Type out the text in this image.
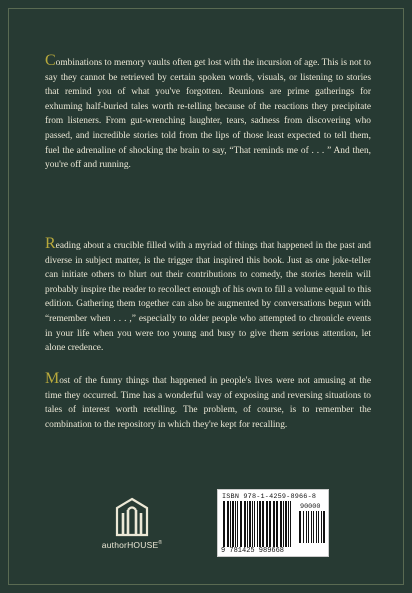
Combinations to memory vaults often get lost with the incursion of age. This is not to say they cannot be retrieved by certain spoken words, visuals, or listening to stories that remind you of what you've forgotten. Reunions are prime gatherings for exhuming half-buried tales worth re-telling because of the reactions they precipitate from listeners. From gut-wrenching laughter, tears, sadness from discovering who passed, and incredible stories told from the lips of those least expected to tell them, fuel the adrenaline of shocking the brain to say, “That reminds me of . . . ” And then, you're off and running.

Reading about a crucible filled with a myriad of things that happened in the past and diverse in subject matter, is the trigger that inspired this book. Just as one joke-teller can initiate others to blurt out their contributions to comedy, the stories herein will probably inspire the reader to recollect enough of his own to fill a volume equal to this edition. Gathering them together can also be augmented by conversations begun with “remember when . . . ,” especially to older people who attempted to chronicle events in your life when you were too young and busy to give them serious attention, let alone credence.

Most of the funny things that happened in people's lives were not amusing at the time they occurred. Time has a wonderful way of exposing and reversing situations to tales of interest worth retelling. The problem, of course, is to remember the combination to the repository in which they're kept for recalling.

authorHOUSE®
ISBN 978-1-4259-8966-8
90000
9 781425 989668
